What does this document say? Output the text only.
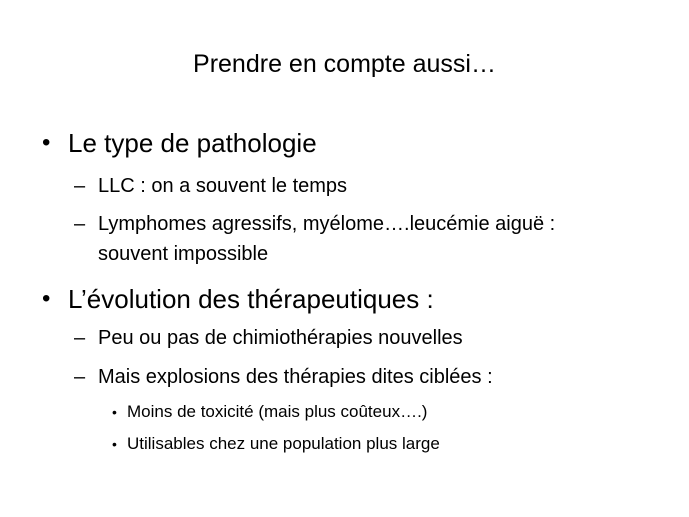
Prendre en compte aussi…
• Le type de pathologie
– LLC : on a souvent le temps
– Lymphomes agressifs, myélome….leucémie aiguë :
souvent impossible
• L’évolution des thérapeutiques :
– Peu ou pas de chimiothérapies nouvelles
– Mais explosions des thérapies dites ciblées :
• Moins de toxicité (mais plus coûteux….)
• Utilisables chez une population plus large
